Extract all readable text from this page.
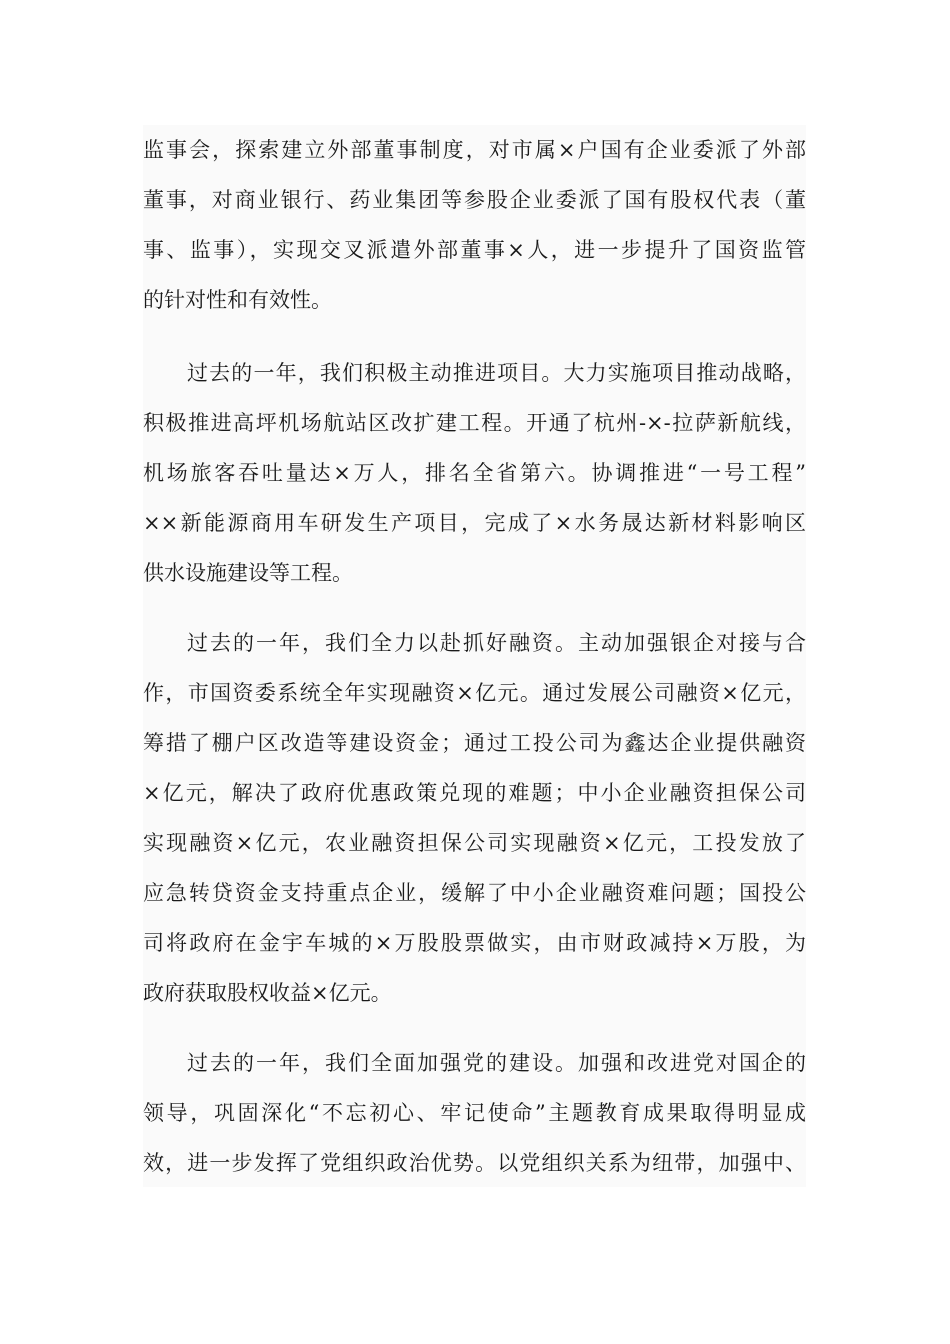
监事会，探索建立外部董事制度，对市属×户国有企业委派了外部
董事，对商业银行、药业集团等参股企业委派了国有股权代表（董
事、监事），实现交叉派遣外部董事×人，进一步提升了国资监管
的针对性和有效性。
过去的一年，我们积极主动推进项目。大力实施项目推动战略，
积极推进高坪机场航站区改扩建工程。开通了杭州-×-拉萨新航线，
机场旅客吞吐量达×万人，排名全省第六。协调推进“一号工程”
××新能源商用车研发生产项目，完成了×水务晟达新材料影响区
供水设施建设等工程。
过去的一年，我们全力以赴抓好融资。主动加强银企对接与合
作，市国资委系统全年实现融资×亿元。通过发展公司融资×亿元，
筹措了棚户区改造等建设资金；通过工投公司为鑫达企业提供融资
×亿元，解决了政府优惠政策兑现的难题；中小企业融资担保公司
实现融资×亿元，农业融资担保公司实现融资×亿元，工投发放了
应急转贷资金支持重点企业，缓解了中小企业融资难问题；国投公
司将政府在金宇车城的×万股股票做实，由市财政减持×万股，为
政府获取股权收益×亿元。
过去的一年，我们全面加强党的建设。加强和改进党对国企的
领导，巩固深化“不忘初心、牢记使命”主题教育成果取得明显成
效，进一步发挥了党组织政治优势。以党组织关系为纽带，加强中、
